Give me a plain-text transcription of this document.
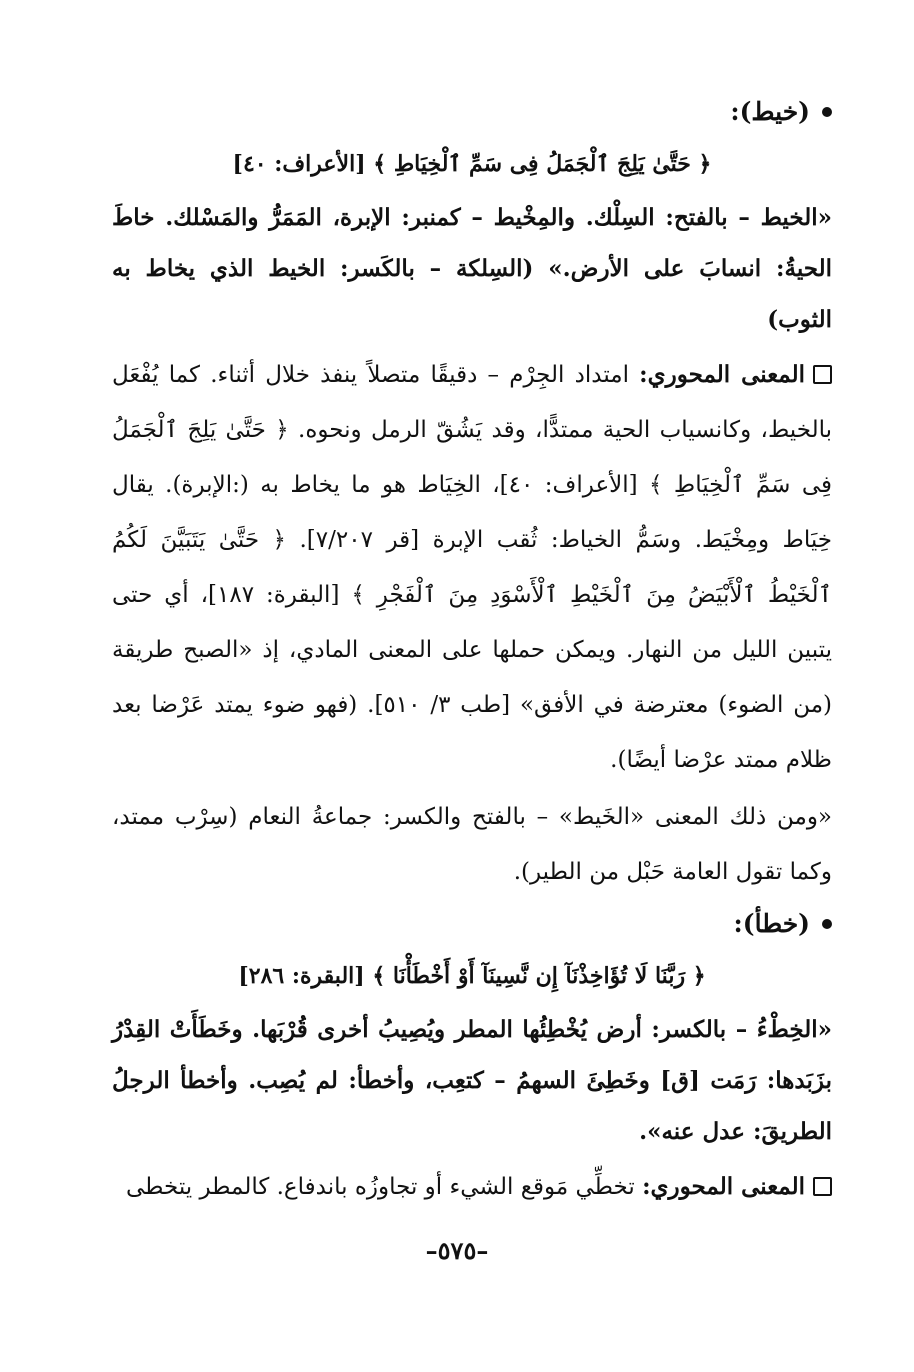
(خيط):
﴿ حَتَّىٰ يَلِجَ ٱلْجَمَلُ فِى سَمِّ ٱلْخِيَاطِ ﴾ [الأعراف: ٤٠]

«الخيط – بالفتح: السِلْك. والمِخْيط – كمنبر: الإبرة، المَمَرُّ والمَسْلك. خاطَ الحيةُ: انسابَ على الأرض.» (السِلكة – بالكَسر: الخيط الذي يخاط به الثوب)

المعنى المحوري: امتداد الجِرْم – دقيقًا متصلاً ينفذ خلال أثناء. كما يُفْعَل بالخيط، وكانسياب الحية ممتدًّا، وقد يَشُقّ الرمل ونحوه. ﴿ حَتَّىٰ يَلِجَ ٱلْجَمَلُ فِى سَمِّ ٱلْخِيَاطِ ﴾ [الأعراف: ٤٠]، الخِيَاط هو ما يخاط به (:الإبرة). يقال خِيَاط ومِخْيَط. وسَمُّ الخياط: ثُقب الإبرة [قر ٧/٢٠٧]. ﴿ حَتَّىٰ يَتَبَيَّنَ لَكُمُ ٱلْخَيْطُ ٱلْأَبْيَضُ مِنَ ٱلْخَيْطِ ٱلْأَسْوَدِ مِنَ ٱلْفَجْرِ ﴾ [البقرة: ١٨٧]، أي حتى يتبين الليل من النهار. ويمكن حملها على المعنى المادي، إذ «الصبح طريقة (من الضوء) معترضة في الأفق» [طب ٣/ ٥١٠]. (فهو ضوء يمتد عَرْضا بعد ظلام ممتد عرْضا أيضًا).

«ومن ذلك المعنى «الخَيط» – بالفتح والكسر: جماعةُ النعام (سِرْب ممتد، وكما تقول العامة حَبْل من الطير).

(خطأ):
﴿ رَبَّنَا لَا تُؤَاخِذْنَآ إِن نَّسِينَآ أَوْ أَخْطَأْنَا ﴾ [البقرة: ٢٨٦]

«الخِطْءُ – بالكسر: أرض يُخْطِئُها المطر ويُصِيبُ أخرى قُرْبَها. وخَطَأَتْ القِدْرُ بزَبَدها: رَمَت [ق] وخَطِئَ السهمُ – كتعِب، وأخطأ: لم يُصِب. وأخطأ الرجلُ الطريقَ: عدل عنه».

المعنى المحوري: تخطِّي مَوقع الشيء أو تجاوزُه باندفاع. كالمطر يتخطى

–٥٧٥–
